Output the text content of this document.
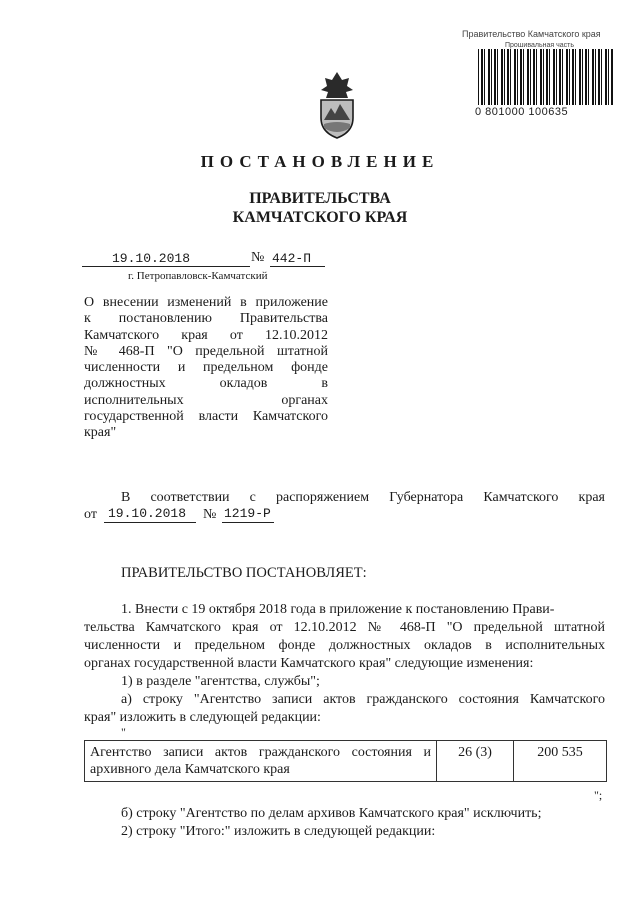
Правительство Камчатского края
Прошивальная часть
0 801000 100635
ПОСТАНОВЛЕНИЕ
ПРАВИТЕЛЬСТВА
КАМЧАТСКОГО КРАЯ
19.10.2018	№ 442-П
г. Петропавловск-Камчатский
О внесении изменений в приложение
к постановлению Правительства
Камчатского края от 12.10.2012
№ 468-П "О предельной штатной
численности и предельном фонде
должностных окладов в
исполнительных органах
государственной власти Камчатского
края"
В соответствии с распоряжением Губернатора Камчатского края
от 19.10.2018 № 1219-Р
ПРАВИТЕЛЬСТВО ПОСТАНОВЛЯЕТ:
1. Внести с 19 октября 2018 года в приложение к постановлению Прави-
тельства Камчатского края от 12.10.2012 № 468-П "О предельной штатной
численности и предельном фонде должностных окладов в исполнительных
органах государственной власти Камчатского края" следующие изменения:
1) в разделе "агентства, службы";
а) строку "Агентство записи актов гражданского состояния Камчатского
края" изложить в следующей редакции:
"
Агентство записи актов гражданского состояния и
архивного дела Камчатского края
	26 (3)	200 535
";
б) строку "Агентство по делам архивов Камчатского края" исключить;
2) строку "Итого:" изложить в следующей редакции:
